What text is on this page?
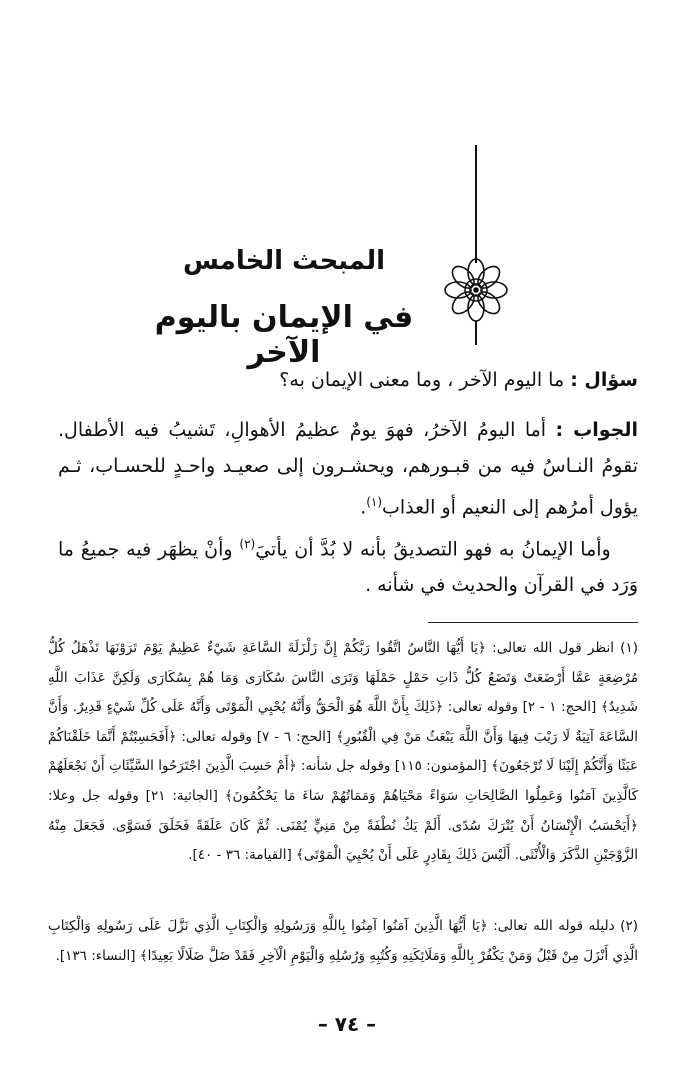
المبحث الخامس
في الإيمان باليوم الآخر
سؤال : ما اليوم الآخر ، وما معنى الإيمان به؟
الجواب : أما اليومُ الآخرُ، فهوَ يومٌ عظيمُ الأهوالِ، تَشيبُ فيه الأطفال. تقومُ النـاسُ فيه من قبـورهم، ويحشـرون إلى صعيـد واحـدٍ للحسـاب، ثـم يؤول أمرُهم إلى النعيم أو العذاب$^{(١)}$.
وأما الإيمانُ به فهو التصديقُ بأنه لا بُدَّ أن يأتيَ$^{(٢)}$ وأنْ يظهَر فيه جميعُ ما وَرَد في القرآن والحديث في شأنه .
(١) انظر قول الله تعالى: ﴿يَا أَيُّهَا النَّاسُ اتَّقُوا رَبَّكُمْ إِنَّ زَلْزَلَةَ السَّاعَةِ شَيْءٌ عَظِيمٌ يَوْمَ تَرَوْنَهَا تَذْهَلُ كُلُّ مُرْضِعَةٍ عَمَّا أَرْضَعَتْ وَتَضَعُ كُلُّ ذَاتِ حَمْلٍ حَمْلَهَا وَتَرَى النَّاسَ سُكَارَى وَمَا هُمْ بِسُكَارَى وَلَكِنَّ عَذَابَ اللَّهِ شَدِيدٌ﴾ [الحج: ١ - ٢] وقوله تعالى: ﴿ذَلِكَ بِأَنَّ اللَّهَ هُوَ الْحَقُّ وَأَنَّهُ يُحْيِي الْمَوْتَى وَأَنَّهُ عَلَى كُلِّ شَيْءٍ قَدِيرٌ. وَأَنَّ السَّاعَةَ آتِيَةٌ لَا رَيْبَ فِيهَا وَأَنَّ اللَّهَ يَبْعَثُ مَنْ فِي الْقُبُورِ﴾ [الحج: ٦ - ٧] وقوله تعالى: ﴿أَفَحَسِبْتُمْ أَنَّمَا خَلَقْنَاكُمْ عَبَثًا وَأَنَّكُمْ إِلَيْنَا لَا تُرْجَعُونَ﴾ [المؤمنون: ١١٥] وقوله جل شأنه: ﴿أَمْ حَسِبَ الَّذِينَ اجْتَرَحُوا السَّيِّئَاتِ أَنْ نَجْعَلَهُمْ كَالَّذِينَ آمَنُوا وَعَمِلُوا الصَّالِحَاتِ سَوَاءً مَحْيَاهُمْ وَمَمَاتُهُمْ سَاءَ مَا يَحْكُمُونَ﴾ [الجاثية: ٢١] وقوله جل وعلا: ﴿أَيَحْسَبُ الْإِنْسَانُ أَنْ يُتْرَكَ سُدًى. أَلَمْ يَكُ نُطْفَةً مِنْ مَنِيٍّ يُمْنَى. ثُمَّ كَانَ عَلَقَةً فَخَلَقَ فَسَوَّى. فَجَعَلَ مِنْهُ الزَّوْجَيْنِ الذَّكَرَ وَالْأُنْثَى. أَلَيْسَ ذَلِكَ بِقَادِرٍ عَلَى أَنْ يُحْيِيَ الْمَوْتَى﴾ [القيامة: ٣٦ - ٤٠].
(٢) دليله قوله الله تعالى: ﴿يَا أَيُّهَا الَّذِينَ آمَنُوا آمِنُوا بِاللَّهِ وَرَسُولِهِ وَالْكِتَابِ الَّذِي نَزَّلَ عَلَى رَسُولِهِ وَالْكِتَابِ الَّذِي أَنْزَلَ مِنْ قَبْلُ وَمَنْ يَكْفُرْ بِاللَّهِ وَمَلَائِكَتِهِ وَكُتُبِهِ وَرُسُلِهِ وَالْيَوْمِ الْآخِرِ فَقَدْ ضَلَّ ضَلَالًا بَعِيدًا﴾ [النساء: ١٣٦].
– ٧٤ –
